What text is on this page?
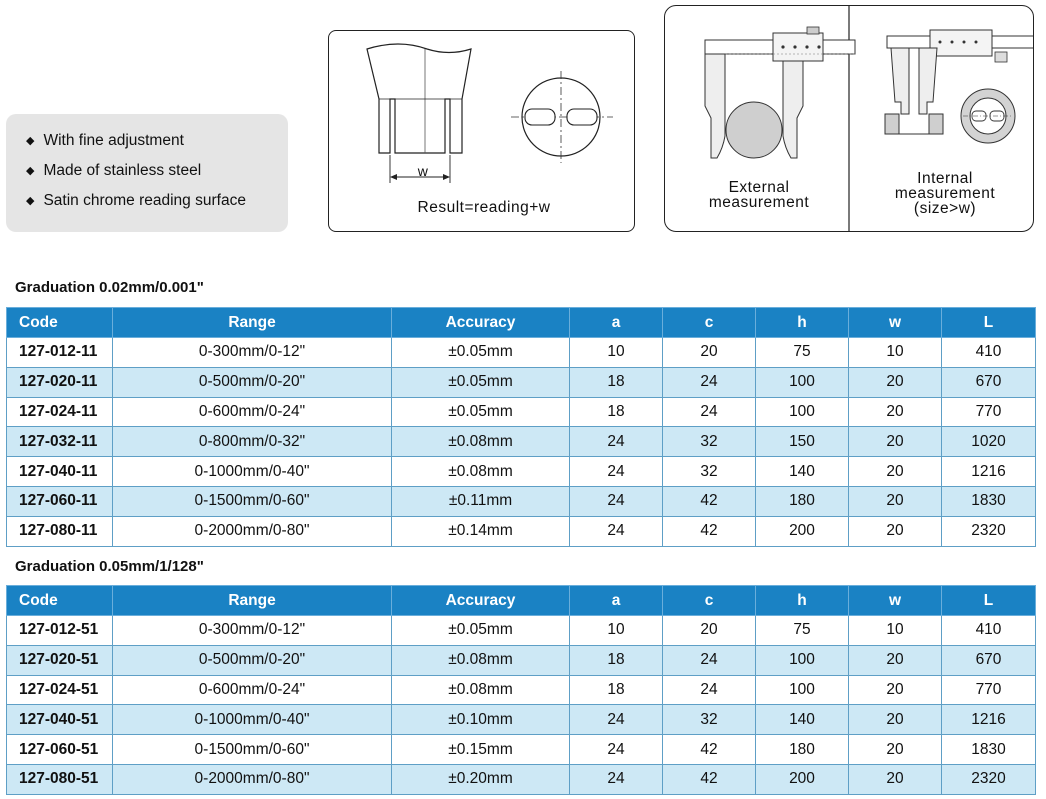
◆ With fine adjustment
◆ Made of stainless steel
◆ Satin chrome reading surface
w
Result=reading+w
External
measurement
Internal
measurement
(size>w)
Graduation 0.02mm/0.001"
Code	Range	Accuracy	a	c	h	w	L
127-012-11	0-300mm/0-12"	±0.05mm	10	20	75	10	410
127-020-11	0-500mm/0-20"	±0.05mm	18	24	100	20	670
127-024-11	0-600mm/0-24"	±0.05mm	18	24	100	20	770
127-032-11	0-800mm/0-32"	±0.08mm	24	32	150	20	1020
127-040-11	0-1000mm/0-40"	±0.08mm	24	32	140	20	1216
127-060-11	0-1500mm/0-60"	±0.11mm	24	42	180	20	1830
127-080-11	0-2000mm/0-80"	±0.14mm	24	42	200	20	2320
Graduation 0.05mm/1/128"
Code	Range	Accuracy	a	c	h	w	L
127-012-51	0-300mm/0-12"	±0.05mm	10	20	75	10	410
127-020-51	0-500mm/0-20"	±0.08mm	18	24	100	20	670
127-024-51	0-600mm/0-24"	±0.08mm	18	24	100	20	770
127-040-51	0-1000mm/0-40"	±0.10mm	24	32	140	20	1216
127-060-51	0-1500mm/0-60"	±0.15mm	24	42	180	20	1830
127-080-51	0-2000mm/0-80"	±0.20mm	24	42	200	20	2320
